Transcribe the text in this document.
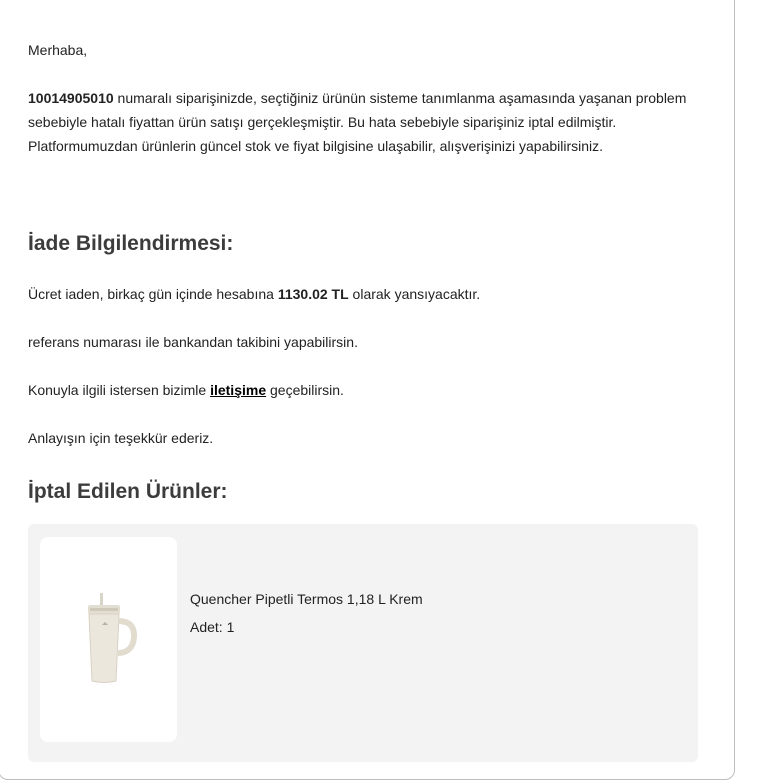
Merhaba,

10014905010 numaralı siparişinizde, seçtiğiniz ürünün sisteme tanımlanma aşamasında yaşanan problem sebebiyle hatalı fiyattan ürün satışı gerçekleşmiştir. Bu hata sebebiyle siparişiniz iptal edilmiştir. Platformumuzdan ürünlerin güncel stok ve fiyat bilgisine ulaşabilir, alışverişinizi yapabilirsiniz.

İade Bilgilendirmesi:

Ücret iaden, birkaç gün içinde hesabına 1130.02 TL olarak yansıyacaktır.

referans numarası ile bankandan takibini yapabilirsin.

Konuyla ilgili istersen bizimle iletişime geçebilirsin.

Anlayışın için teşekkür ederiz.

İptal Edilen Ürünler:
Quencher Pipetli Termos 1,18 L Krem
Adet: 1
